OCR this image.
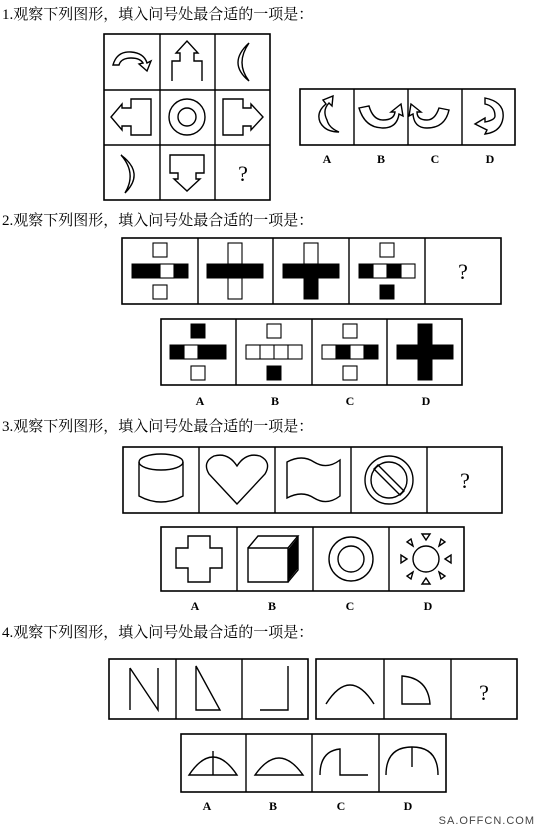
1.观察下列图形，填入问号处最合适的一项是：
?
A	B	C	D
2.观察下列图形，填入问号处最合适的一项是：
?
A	B	C	D
3.观察下列图形，填入问号处最合适的一项是：
?
A	B	C	D
4.观察下列图形，填入问号处最合适的一项是：
?
A	B	C	D
SA.OFFCN.COM
